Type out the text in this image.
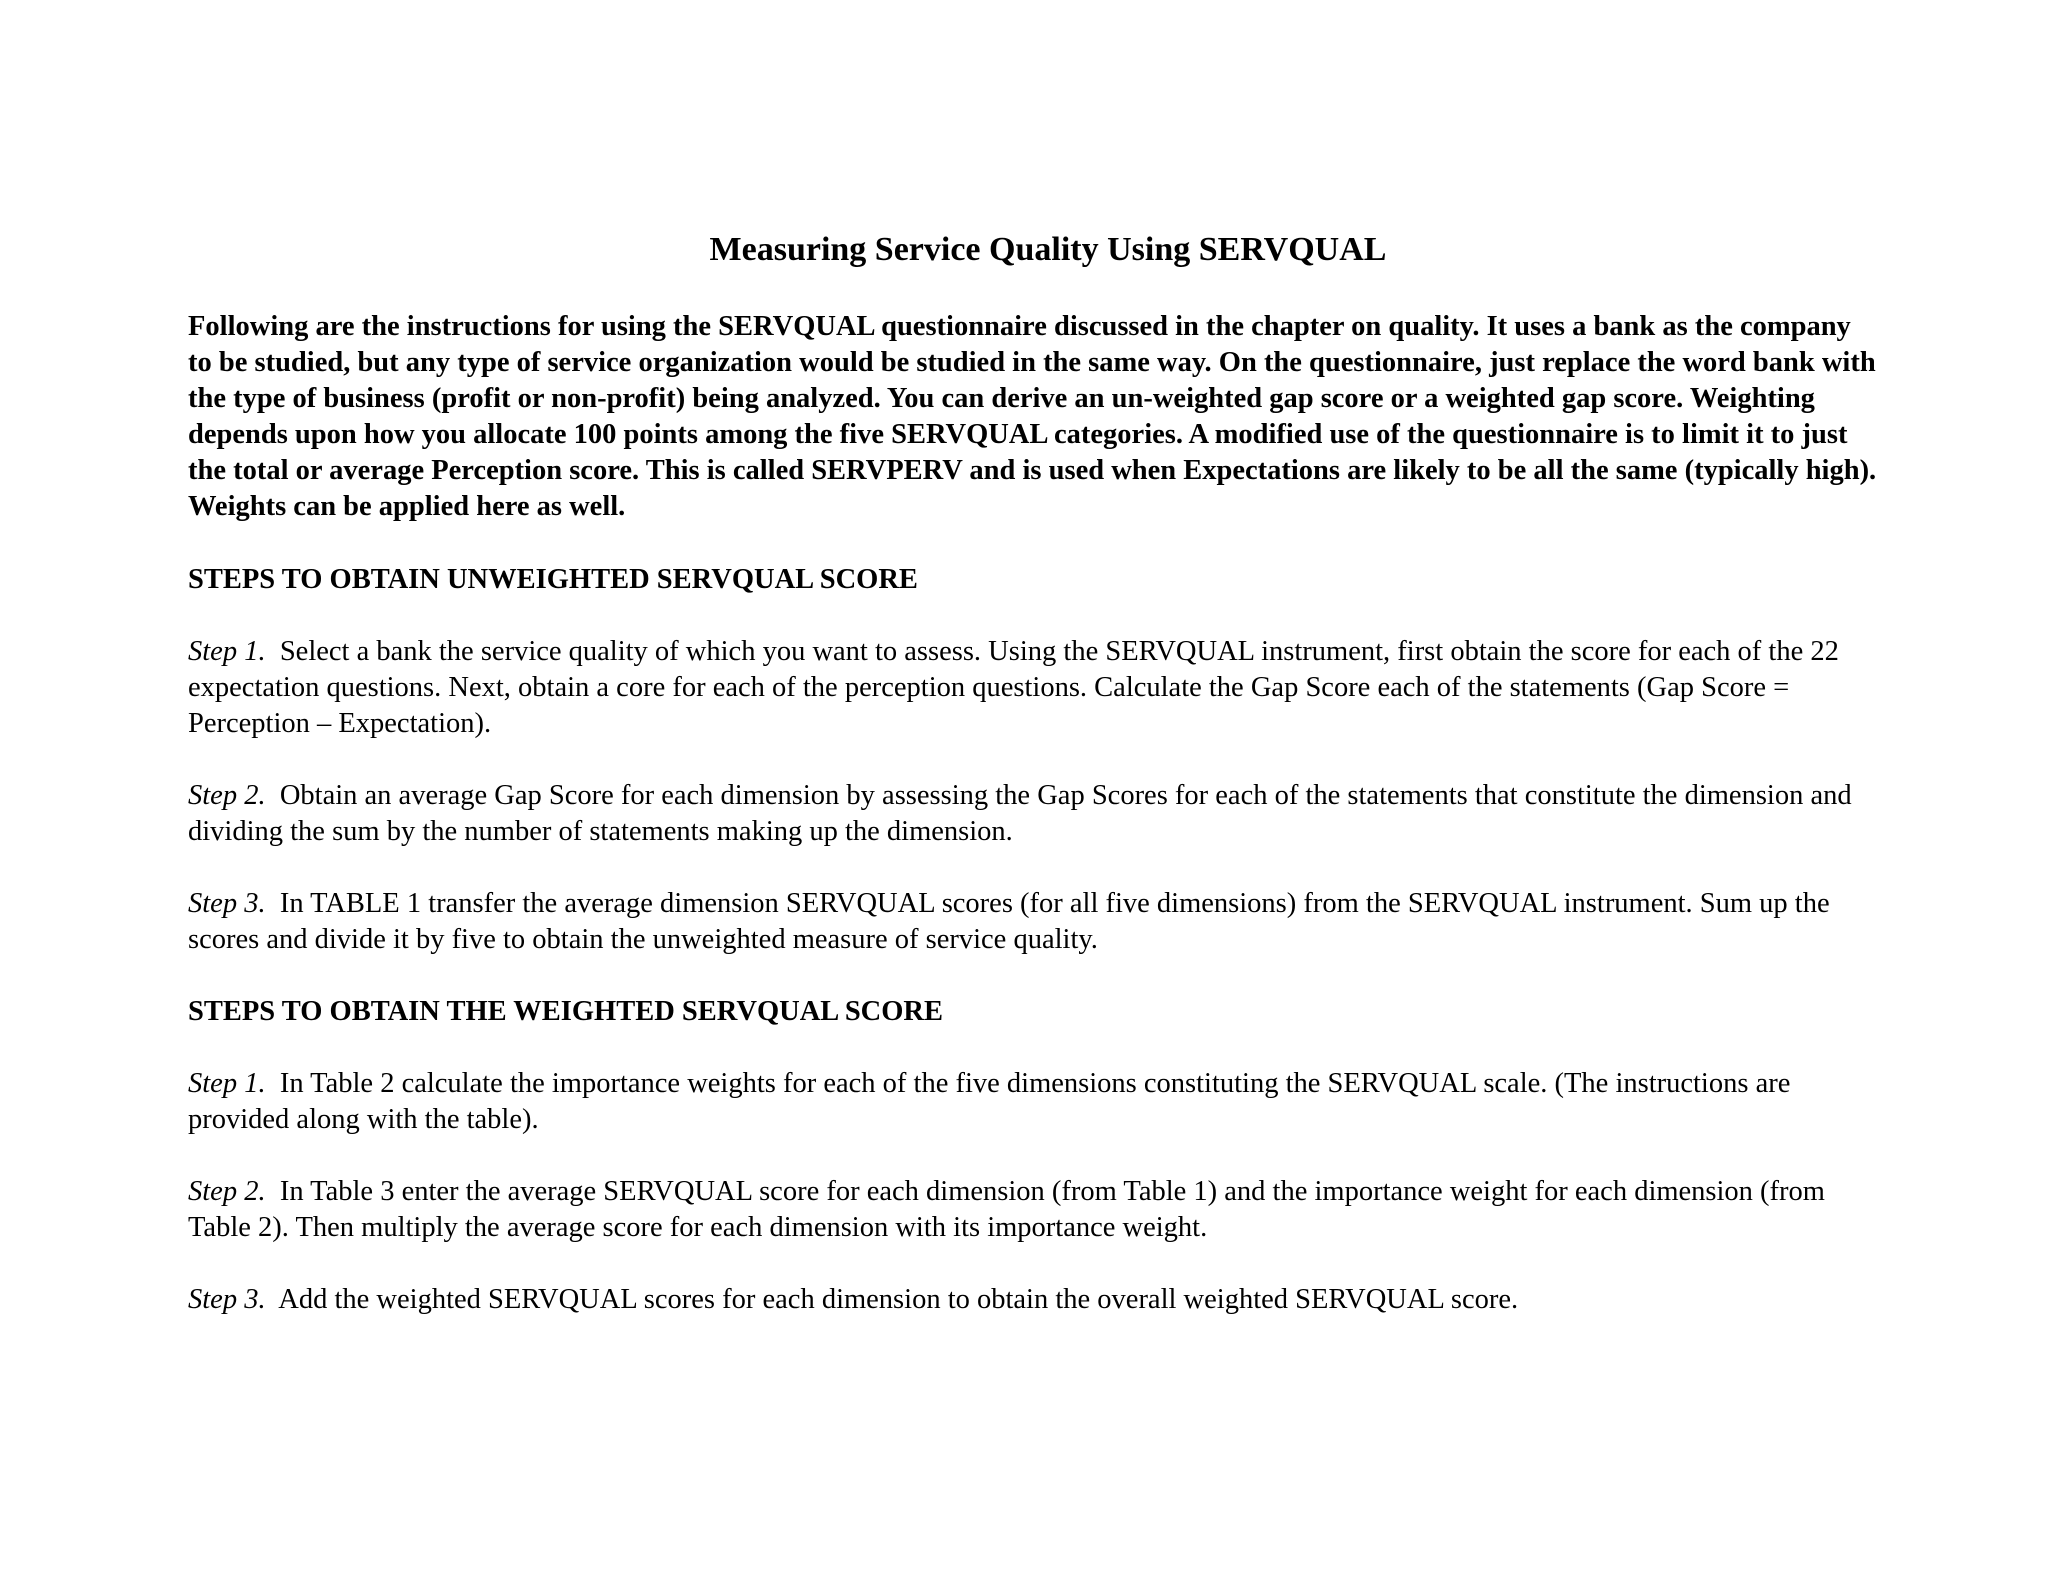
Measuring Service Quality Using SERVQUAL

Following are the instructions for using the SERVQUAL questionnaire discussed in the chapter on quality. It uses a bank as the company to be studied, but any type of service organization would be studied in the same way. On the questionnaire, just replace the word bank with the type of business (profit or non-profit) being analyzed. You can derive an un-weighted gap score or a weighted gap score. Weighting depends upon how you allocate 100 points among the five SERVQUAL categories. A modified use of the questionnaire is to limit it to just the total or average Perception score. This is called SERVPERV and is used when Expectations are likely to be all the same (typically high). Weights can be applied here as well.

STEPS TO OBTAIN UNWEIGHTED SERVQUAL SCORE

Step 1. Select a bank the service quality of which you want to assess. Using the SERVQUAL instrument, first obtain the score for each of the 22 expectation questions. Next, obtain a core for each of the perception questions. Calculate the Gap Score each of the statements (Gap Score = Perception – Expectation).

Step 2. Obtain an average Gap Score for each dimension by assessing the Gap Scores for each of the statements that constitute the dimension and dividing the sum by the number of statements making up the dimension.

Step 3. In TABLE 1 transfer the average dimension SERVQUAL scores (for all five dimensions) from the SERVQUAL instrument. Sum up the scores and divide it by five to obtain the unweighted measure of service quality.

STEPS TO OBTAIN THE WEIGHTED SERVQUAL SCORE

Step 1. In Table 2 calculate the importance weights for each of the five dimensions constituting the SERVQUAL scale. (The instructions are provided along with the table).

Step 2. In Table 3 enter the average SERVQUAL score for each dimension (from Table 1) and the importance weight for each dimension (from Table 2). Then multiply the average score for each dimension with its importance weight.

Step 3. Add the weighted SERVQUAL scores for each dimension to obtain the overall weighted SERVQUAL score.
